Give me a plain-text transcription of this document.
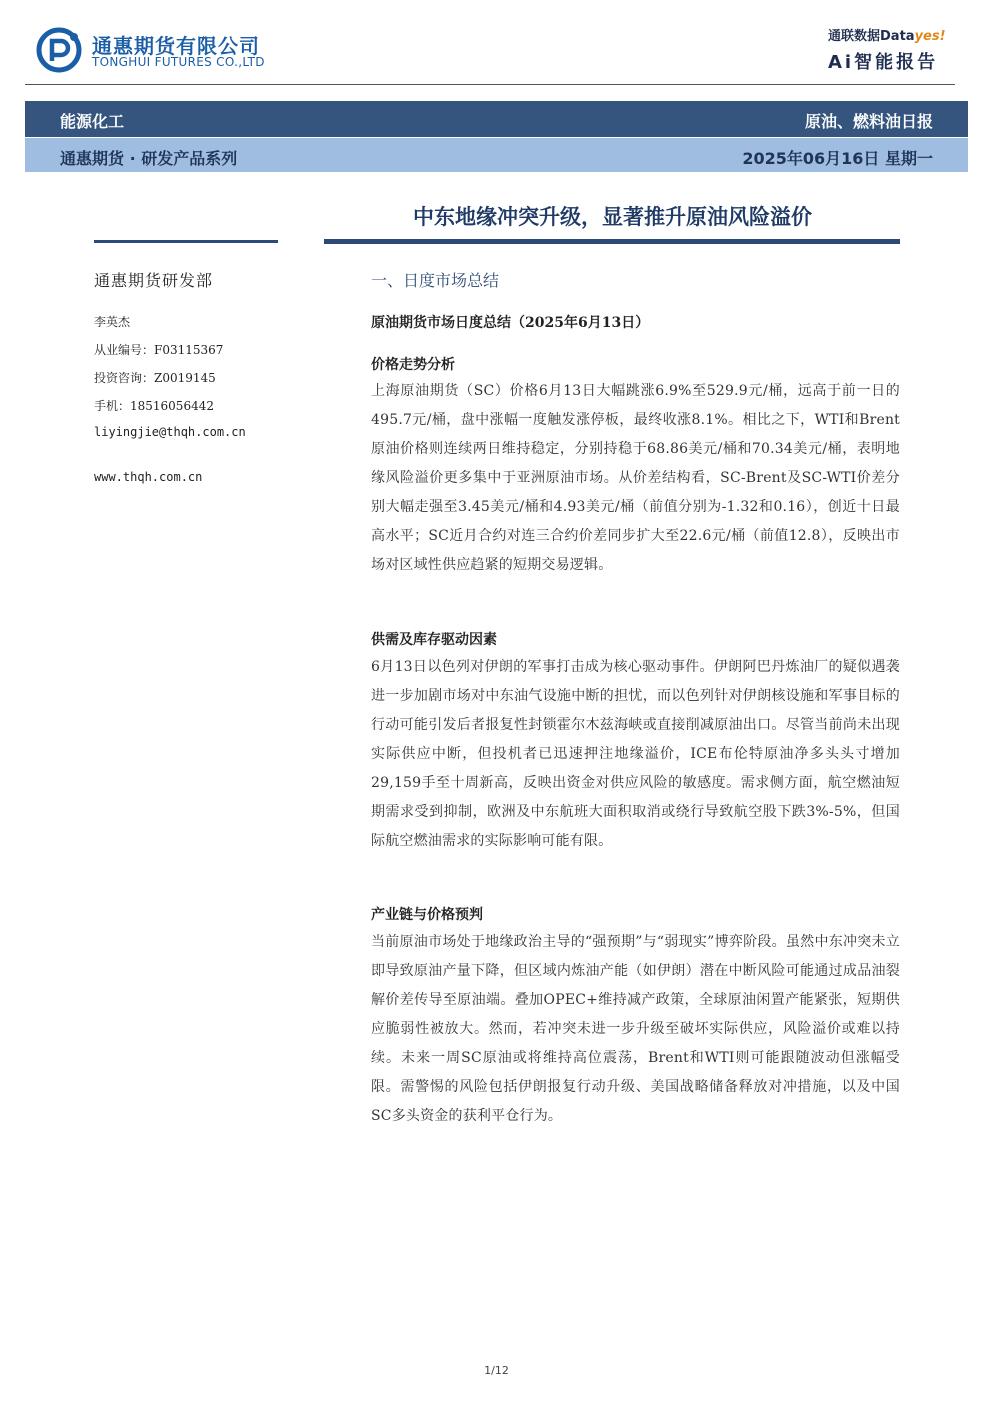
通惠期货有限公司
TONGHUI FUTURES CO.,LTD
通联数据Datayes!
Ai智能报告
能源化工	原油、燃料油日报
通惠期货 · 研发产品系列	2025年06月16日 星期一
中东地缘冲突升级，显著推升原油风险溢价
通惠期货研发部
李英杰
从业编号：F03115367
投资咨询：Z0019145
手机：18516056442
liyingjie@thqh.com.cn
www.thqh.com.cn
一、日度市场总结
原油期货市场日度总结（2025年6月13日）
价格走势分析
上海原油期货（SC）价格6月13日大幅跳涨6.9%至529.9元/桶，远高于前一日的495.7元/桶，盘中涨幅一度触发涨停板，最终收涨8.1%。相比之下，WTI和Brent原油价格则连续两日维持稳定，分别持稳于68.86美元/桶和70.34美元/桶，表明地缘风险溢价更多集中于亚洲原油市场。从价差结构看，SC-Brent及SC-WTI价差分别大幅走强至3.45美元/桶和4.93美元/桶（前值分别为-1.32和0.16），创近十日最高水平；SC近月合约对连三合约价差同步扩大至22.6元/桶（前值12.8），反映出市场对区域性供应趋紧的短期交易逻辑。
供需及库存驱动因素
6月13日以色列对伊朗的军事打击成为核心驱动事件。伊朗阿巴丹炼油厂的疑似遇袭进一步加剧市场对中东油气设施中断的担忧，而以色列针对伊朗核设施和军事目标的行动可能引发后者报复性封锁霍尔木兹海峡或直接削减原油出口。尽管当前尚未出现实际供应中断，但投机者已迅速押注地缘溢价，ICE布伦特原油净多头头寸增加29,159手至十周新高，反映出资金对供应风险的敏感度。需求侧方面，航空燃油短期需求受到抑制，欧洲及中东航班大面积取消或绕行导致航空股下跌3%-5%，但国际航空燃油需求的实际影响可能有限。
产业链与价格预判
当前原油市场处于地缘政治主导的“强预期”与“弱现实”博弈阶段。虽然中东冲突未立即导致原油产量下降，但区域内炼油产能（如伊朗）潜在中断风险可能通过成品油裂解价差传导至原油端。叠加OPEC+维持减产政策，全球原油闲置产能紧张，短期供应脆弱性被放大。然而，若冲突未进一步升级至破坏实际供应，风险溢价或难以持续。未来一周SC原油或将维持高位震荡，Brent和WTI则可能跟随波动但涨幅受限。需警惕的风险包括伊朗报复行动升级、美国战略储备释放对冲措施，以及中国SC多头资金的获利平仓行为。
1/12
